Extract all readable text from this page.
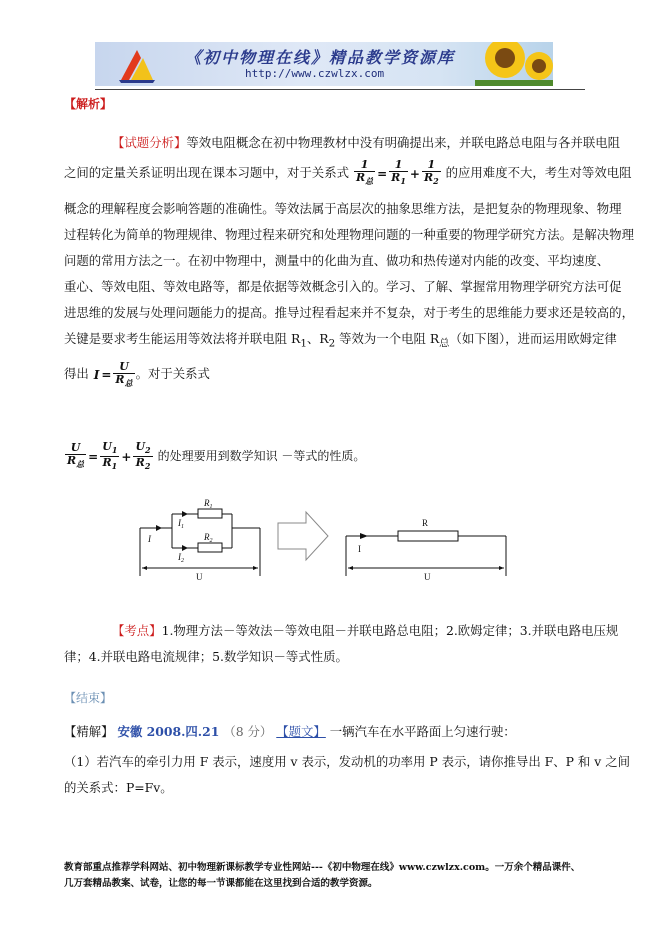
《初中物理在线》精品教学资源库
http://www.czwlzx.com
【解析】

【试题分析】等效电阻概念在初中物理教材中没有明确提出来，并联电路总电阻与各并联电阻

之间的定量关系证明出现在课本习题中，对于关系式 $\frac{1}{R_总} = \frac{1}{R_1} + \frac{1}{R_2}$ 的应用难度不大，考生对等效电阻

概念的理解程度会影响答题的准确性。等效法属于高层次的抽象思维方法，是把复杂的物理现象、物理

过程转化为简单的物理规律、物理过程来研究和处理物理问题的一种重要的物理学研究方法。是解决物理

问题的常用方法之一。在初中物理中，测量中的化曲为直、做功和热传递对内能的改变、平均速度、

重心、等效电阻、等效电路等，都是依据等效概念引入的。学习、了解、掌握常用物理学研究方法可促

进思维的发展与处理问题能力的提高。推导过程看起来并不复杂，对于考生的思维能力要求还是较高的，

关键是要求考生能运用等效法将并联电阻 $R_1$、$R_2$ 等效为一个电阻 $R_总$（如下图），进而运用欧姆定律

得出 $I = \frac{U}{R_总}$ 。对于关系式

$\frac{U}{R_总} = \frac{U_1}{R_1} + \frac{U_2}{R_2}$ 的处理要用到数学知识 －等式的性质。

$R_1$
$R_2$
I
$I_1$
$I_2$
U
R
I
U

【考点】1.物理方法－等效法－等效电阻－并联电路总电阻；2.欧姆定律；3.并联电路电压规

律；4.并联电路电流规律；5.数学知识－等式性质。

【结束】
【精解】 安徽 2008.四.21 （8 分） 【题文】 一辆汽车在水平路面上匀速行驶：
（1）若汽车的牵引力用 F 表示，速度用 v 表示，发动机的功率用 P 表示，请你推导出 F、P 和 v 之间
的关系式：P=Fv。

教育部重点推荐学科网站、初中物理新课标教学专业性网站---《初中物理在线》www.czwlzx.com。一万余个精品课件、

几万套精品教案、试卷，让您的每一节课都能在这里找到合适的教学资源。
